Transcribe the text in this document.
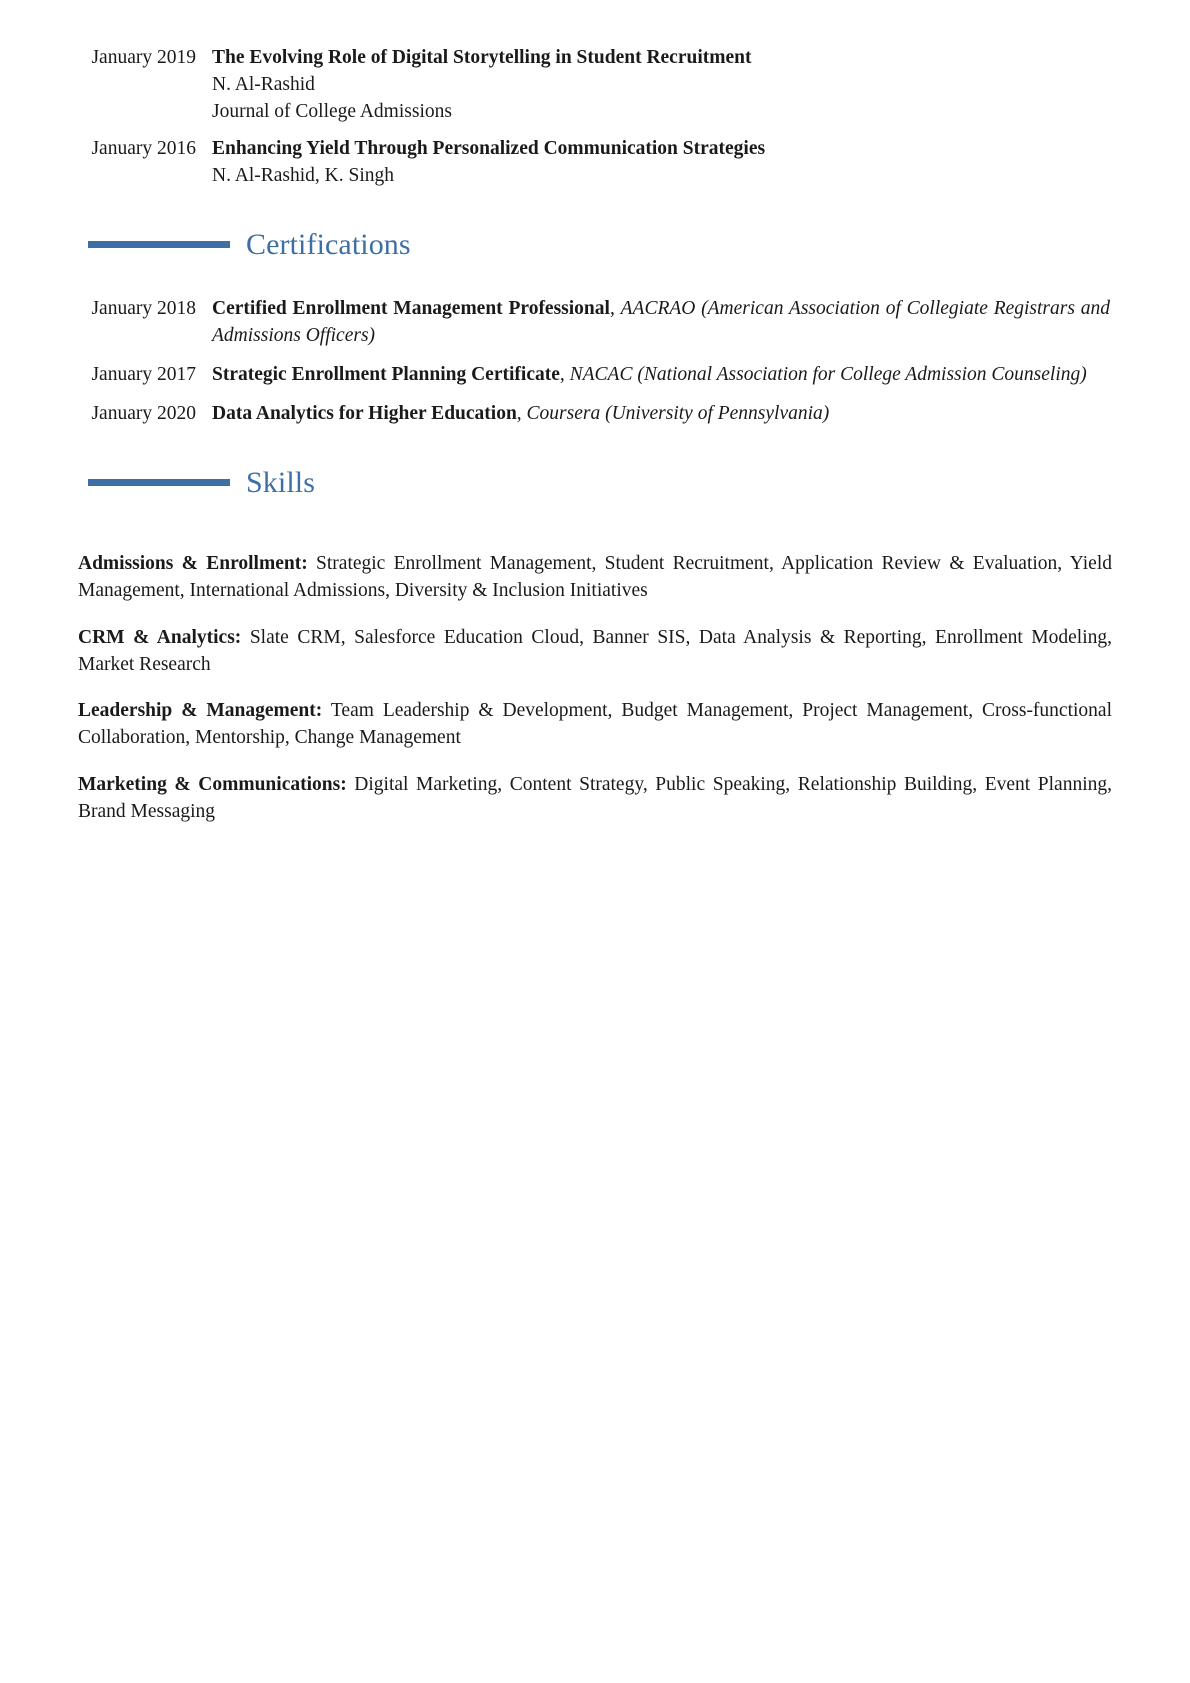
January 2019 The Evolving Role of Digital Storytelling in Student Recruitment
N. Al-Rashid
Journal of College Admissions
January 2016 Enhancing Yield Through Personalized Communication Strategies
N. Al-Rashid, K. Singh
Certifications
January 2018 Certified Enrollment Management Professional, AACRAO (American Association of Collegiate Registrars and Admissions Officers)
January 2017 Strategic Enrollment Planning Certificate, NACAC (National Association for College Admission Counseling)
January 2020 Data Analytics for Higher Education, Coursera (University of Pennsylvania)
Skills

Admissions & Enrollment: Strategic Enrollment Management, Student Recruitment, Application Review & Evaluation, Yield Management, International Admissions, Diversity & Inclusion Initiatives

CRM & Analytics: Slate CRM, Salesforce Education Cloud, Banner SIS, Data Analysis & Reporting, Enrollment Modeling, Market Research

Leadership & Management: Team Leadership & Development, Budget Management, Project Management, Cross-functional Collaboration, Mentorship, Change Management

Marketing & Communications: Digital Marketing, Content Strategy, Public Speaking, Relationship Building, Event Planning, Brand Messaging
